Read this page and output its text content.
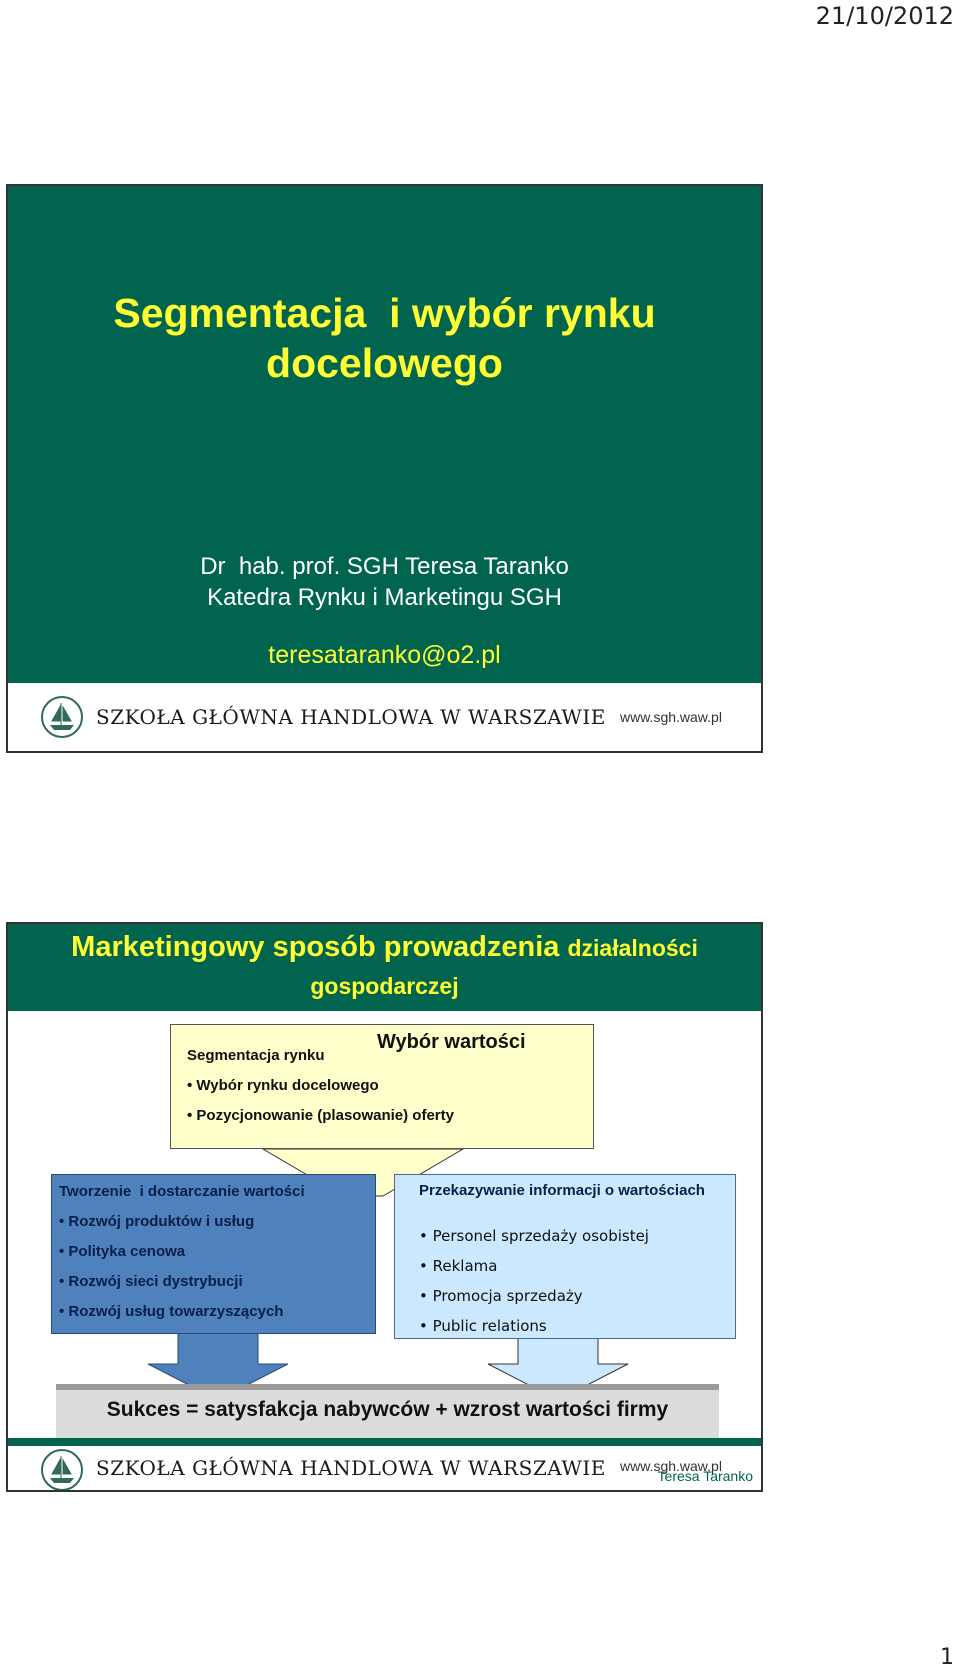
21/10/2012
Segmentacja  i wybór rynku
docelowego
Dr  hab. prof. SGH Teresa Taranko
Katedra Rynku i Marketingu SGH
teresataranko@o2.pl
SZKOŁA GŁÓWNA HANDLOWA W WARSZAWIE www.sgh.waw.pl
Marketingowy sposób prowadzenia działalności
gospodarczej
Wybór wartości
Segmentacja rynku
• Wybór rynku docelowego
• Pozycjonowanie (plasowanie) oferty
Tworzenie  i dostarczanie wartości
• Rozwój produktów i usług
• Polityka cenowa
• Rozwój sieci dystrybucji
• Rozwój usług towarzyszących
Przekazywanie informacji o wartościach
• Personel sprzedaży osobistej
• Reklama
• Promocja sprzedaży
• Public relations
Sukces = satysfakcja nabywców + wzrost wartości firmy
SZKOŁA GŁÓWNA HANDLOWA W WARSZAWIE www.sgh.waw.pl
Teresa Taranko
1
